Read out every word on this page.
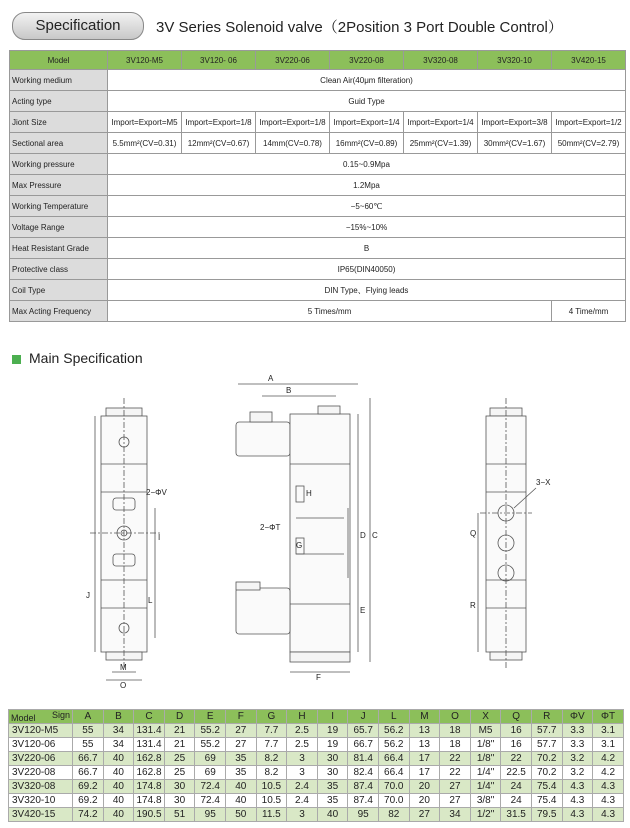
Specification	3V Series Solenoid valve（2Position 3 Port Double Control）
Model	3V120-M5	3V120- 06	3V220-06	3V220-08	3V320-08	3V320-10	3V420-15
Working medium	Clean Air(40μm filteration)						
Acting type	Guid Type						
Jiont Size	Import=Export=M5	Import=Export=1/8	Import=Export=1/8	Import=Export=1/4	Import=Export=1/4	Import=Export=3/8	Import=Export=1/2
Sectional area	5.5mm²(CV=0.31)	12mm²(CV=0.67)	14mm(CV=0.78)	16mm²(CV=0.89)	25mm²(CV=1.39)	30mm²(CV=1.67)	50mm²(CV=2.79)
Working pressure	0.15~0.9Mpa						
Max Pressure	1.2Mpa						
Working Temperature	−5~60℃						
Voltage Range	−15%~10%						
Heat Resistant Grade	B						
Protective class	IP65(DIN40050)						
Coil Type	DIN Type、Flying leads						
Max Acting Frequency	5 Times/mm						4 Time/mm
Main Specification
A
B
C
D
E
F
G
H
I
J
L
M
O
Q
R
2−ΦV
2−ΦT
3−X
Model Sign	A	B	C	D	E	F	G	H	I	J	L	M	O	X	Q	R	ΦV	ΦT
3V120-M5	55	34	131.4	21	55.2	27	7.7	2.5	19	65.7	56.2	13	18	M5	16	57.7	3.3	3.1
3V120-06	55	34	131.4	21	55.2	27	7.7	2.5	19	66.7	56.2	13	18	1/8"	16	57.7	3.3	3.1
3V220-06	66.7	40	162.8	25	69	35	8.2	3	30	81.4	66.4	17	22	1/8"	22	70.2	3.2	4.2
3V220-08	66.7	40	162.8	25	69	35	8.2	3	30	82.4	66.4	17	22	1/4"	22.5	70.2	3.2	4.2
3V320-08	69.2	40	174.8	30	72.4	40	10.5	2.4	35	87.4	70.0	20	27	1/4"	24	75.4	4.3	4.3
3V320-10	69.2	40	174.8	30	72.4	40	10.5	2.4	35	87.4	70.0	20	27	3/8"	24	75.4	4.3	4.3
3V420-15	74.2	40	190.5	51	95	50	11.5	3	40	95	82	27	34	1/2"	31.5	79.5	4.3	4.3
